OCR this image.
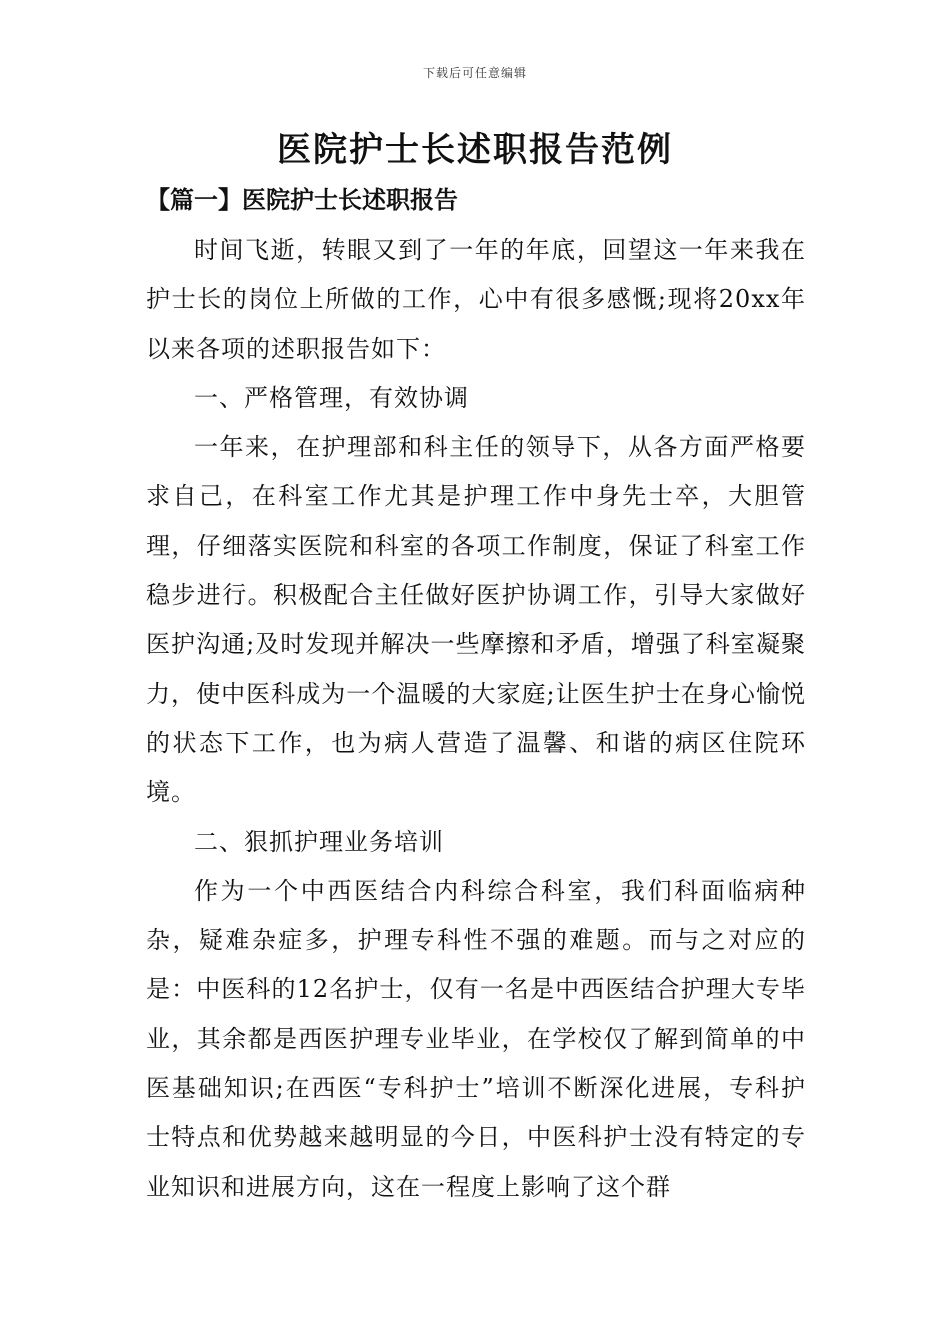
下载后可任意编辑
医院护士长述职报告范例
【篇一】医院护士长述职报告

时间飞逝，转眼又到了一年的年底，回望这一年来我在护士长的岗位上所做的工作，心中有很多感慨;现将20xx年以来各项的述职报告如下：

一、严格管理，有效协调

一年来，在护理部和科主任的领导下，从各方面严格要求自己，在科室工作尤其是护理工作中身先士卒，大胆管理，仔细落实医院和科室的各项工作制度，保证了科室工作稳步进行。积极配合主任做好医护协调工作，引导大家做好医护沟通;及时发现并解决一些摩擦和矛盾，增强了科室凝聚力，使中医科成为一个温暖的大家庭;让医生护士在身心愉悦的状态下工作，也为病人营造了温馨、和谐的病区住院环境。

二、狠抓护理业务培训

作为一个中西医结合内科综合科室，我们科面临病种杂，疑难杂症多，护理专科性不强的难题。而与之对应的是：中医科的12名护士，仅有一名是中西医结合护理大专毕业，其余都是西医护理专业毕业，在学校仅了解到简单的中医基础知识;在西医“专科护士”培训不断深化进展，专科护士特点和优势越来越明显的今日，中医科护士没有特定的专业知识和进展方向，这在一程度上影响了这个群
